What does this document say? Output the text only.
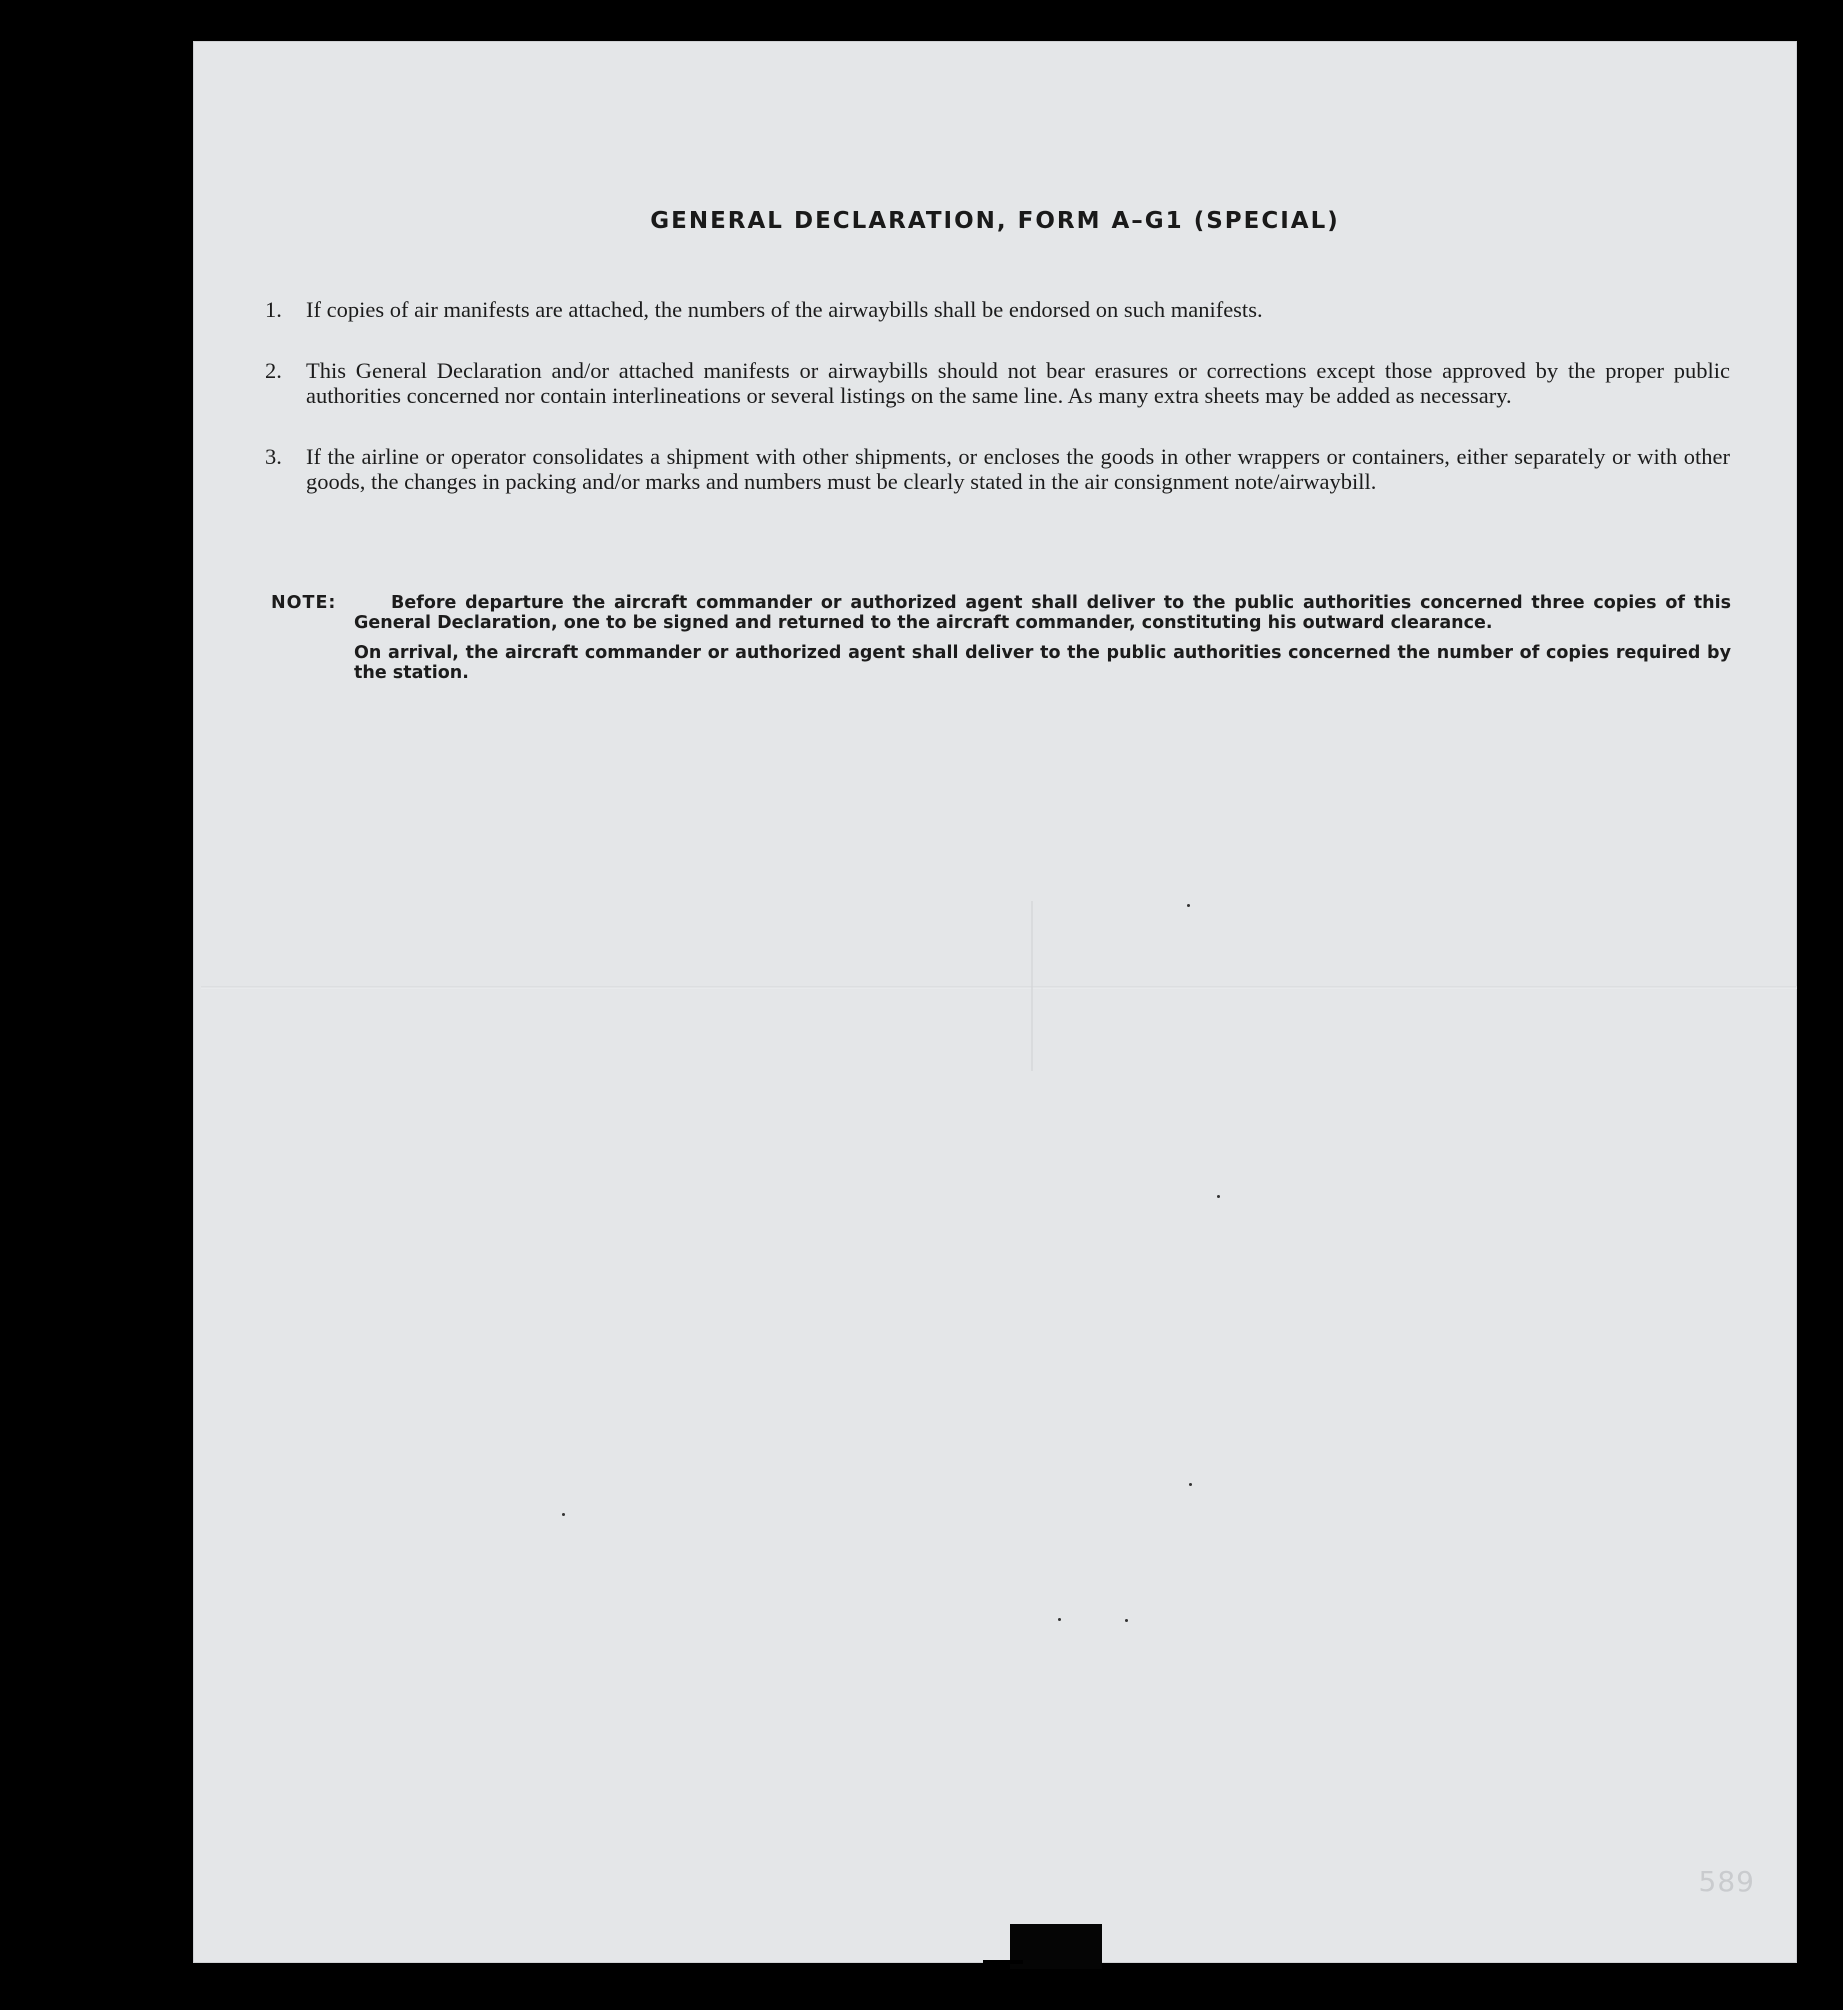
GENERAL DECLARATION, FORM A–G1 (SPECIAL)
1. If copies of air manifests are attached, the numbers of the airwaybills shall be endorsed on such manifests.
2. This General Declaration and/or attached manifests or airwaybills should not bear erasures or corrections except those approved by the proper public authorities concerned nor contain interlineations or several listings on the same line. As many extra sheets may be added as necessary.
3. If the airline or operator consolidates a shipment with other shipments, or encloses the goods in other wrappers or containers, either separately or with other goods, the changes in packing and/or marks and numbers must be clearly stated in the air consignment note/airwaybill.
NOTE:	Before departure the aircraft commander or authorized agent shall deliver to the public authorities concerned three copies of this General Declaration, one to be signed and returned to the aircraft commander, constituting his outward clearance.
On arrival, the aircraft commander or authorized agent shall deliver to the public authorities concerned the number of copies required by the station.
589
